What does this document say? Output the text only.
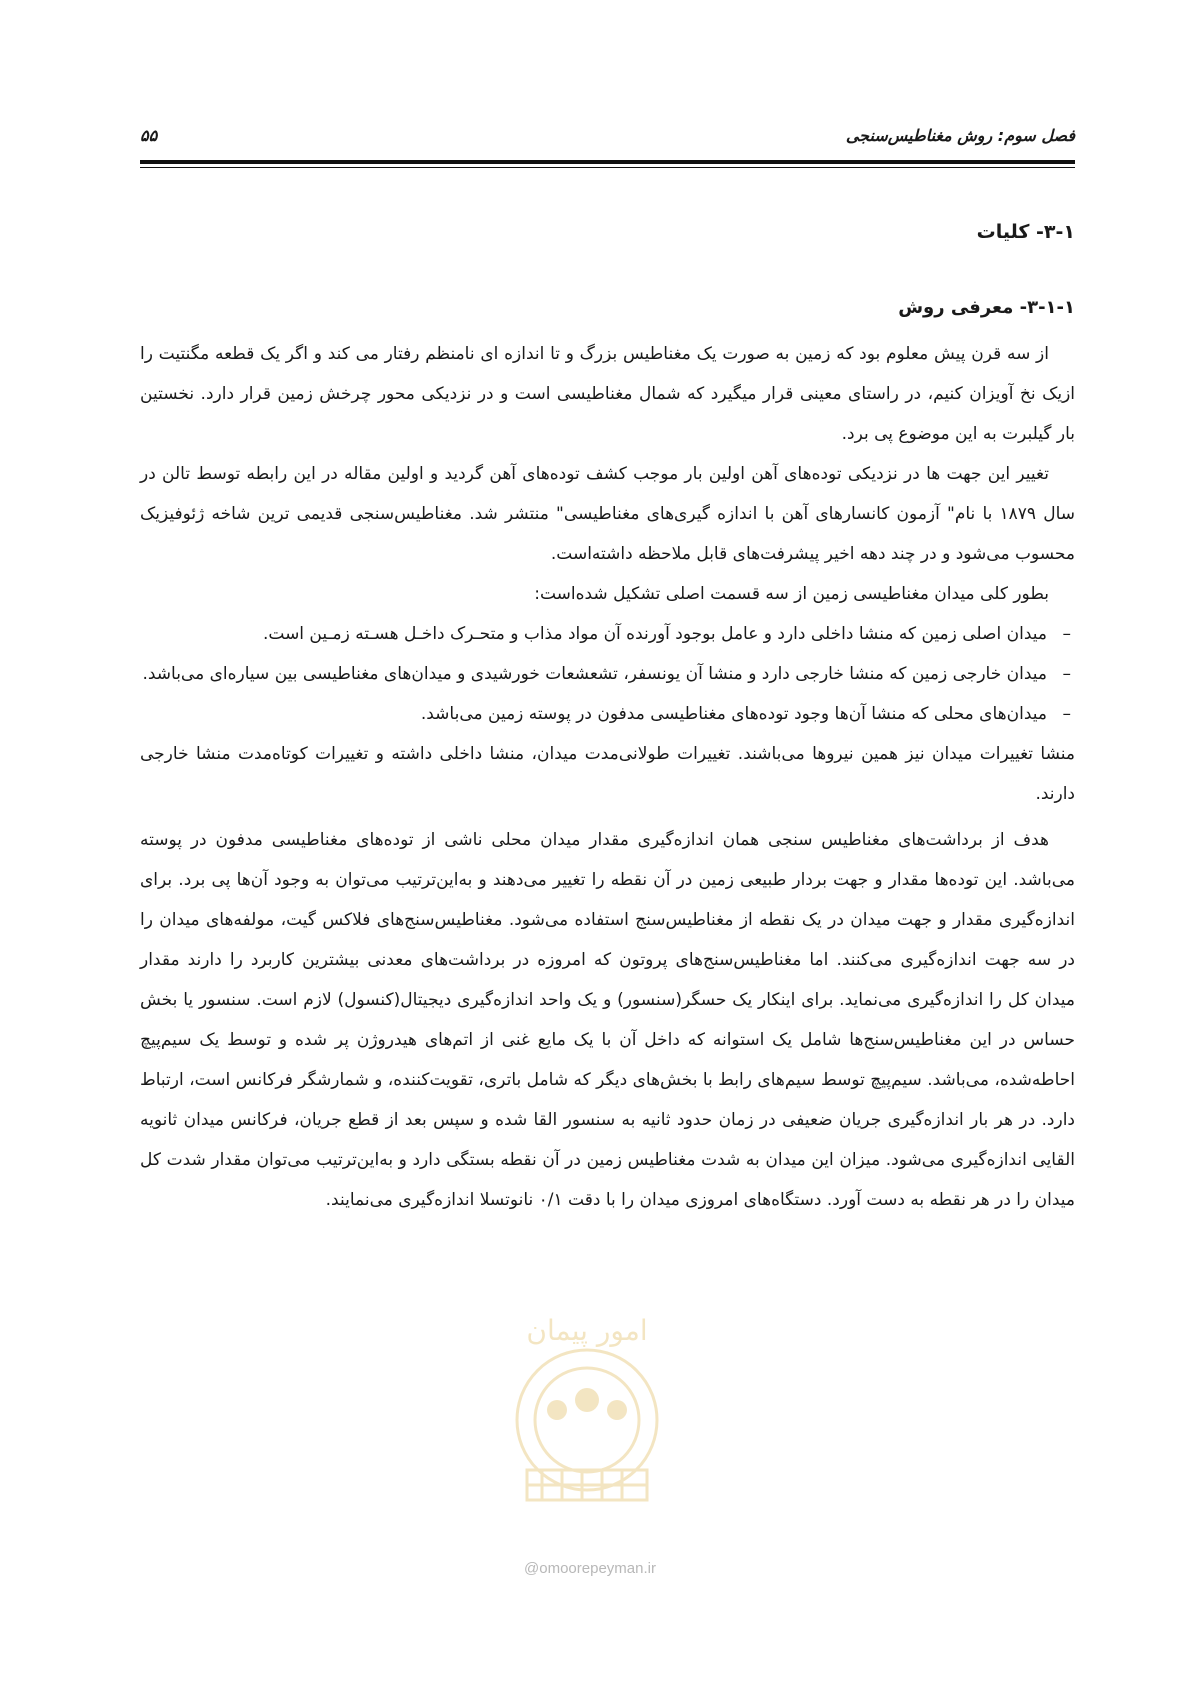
فصل سوم: روش مغناطیس‌سنجی
۵۵
۳-۱- کلیات
۳-۱-۱- معرفی روش

از سه قرن پیش معلوم بود که زمین به صورت یک مغناطیس بزرگ و تا اندازه ای نامنظم رفتار می کند و اگر یک قطعه مگنتیت را ازیک نخ آویزان کنیم، در راستای معینی قرار میگیرد که شمال مغناطیسی است و در نزدیکی محور چرخش زمین قرار دارد. نخستین بار گیلبرت به این موضوع پی برد.

تغییر این جهت ها در نزدیکی توده‌های آهن اولین بار موجب کشف توده‌های آهن گردید و اولین مقاله در این رابطه توسط تالن در سال ۱۸۷۹ با نام" آزمون کانسارهای آهن با اندازه گیری‌های مغناطیسی" منتشر شد. مغناطیس‌سنجی قدیمی ترین شاخه ژئوفیزیک محسوب می‌شود و در چند دهه اخیر پیشرفت‌های قابل ملاحظه داشته‌است.

بطور کلی میدان مغناطیسی زمین از سه قسمت اصلی تشکیل شده‌است:

–
میدان اصلی زمین که منشا داخلی دارد و عامل بوجود آورنده آن مواد مذاب و متحـرک داخـل هسـته زمـین است.
–
میدان خارجی زمین که منشا خارجی دارد و منشا آن یونسفر، تشعشعات خورشیدی و میدان‌های مغناطیسی بین سیاره‌ای می‌باشد.
–
میدان‌های محلی که منشا آن‌ها وجود توده‌های مغناطیسی مدفون در پوسته زمین می‌باشد.

منشا تغییرات میدان نیز همین نیروها می‌باشند. تغییرات طولانی‌مدت میدان، منشا داخلی داشته و تغییرات کوتاه‌مدت منشا خارجی دارند.

هدف از برداشت‌های مغناطیس سنجی همان اندازه‌گیری مقدار میدان محلی ناشی از توده‌های مغناطیسی مدفون در پوسته می‌باشد. این توده‌ها مقدار و جهت بردار طبیعی زمین در آن نقطه را تغییر می‌دهند و به‌این‌ترتیب می‌توان به وجود آن‌ها پی برد. برای اندازه‌گیری مقدار و جهت میدان در یک نقطه از مغناطیس‌سنج استفاده می‌شود. مغناطیس‌سنج‌های فلاکس گیت، مولفه‌های میدان را در سه جهت اندازه‌گیری می‌کنند. اما مغناطیس‌سنج‌های پروتون که امروزه در برداشت‌های معدنی بیشترین کاربرد را دارند مقدار میدان کل را اندازه‌گیری می‌نماید. برای اینکار یک حسگر(سنسور) و یک واحد اندازه‌گیری دیجیتال(کنسول) لازم است. سنسور یا بخش حساس در این مغناطیس‌سنج‌ها شامل یک استوانه که داخل آن با یک مایع غنی از اتم‌های هیدروژن پر شده و توسط یک سیم‌پیچ احاطه‌شده، می‌باشد. سیم‌پیچ توسط سیم‌های رابط با بخش‌های دیگر که شامل باتری، تقویت‌کننده، و شمارشگر فرکانس است، ارتباط دارد. در هر بار اندازه‌گیری جریان ضعیفی در زمان حدود ثانیه به سنسور القا شده و سپس بعد از قطع جریان، فرکانس میدان ثانویه القایی اندازه‌گیری می‌شود. میزان این میدان به شدت مغناطیس زمین در آن نقطه بستگی دارد و به‌این‌ترتیب می‌توان مقدار شدت کل میدان را در هر نقطه به دست آورد. دستگاه‌های امروزی میدان را با دقت ۰/۱ نانوتسلا اندازه‌گیری می‌نمایند.

امور پیمان
@omoorepeyman.ir
